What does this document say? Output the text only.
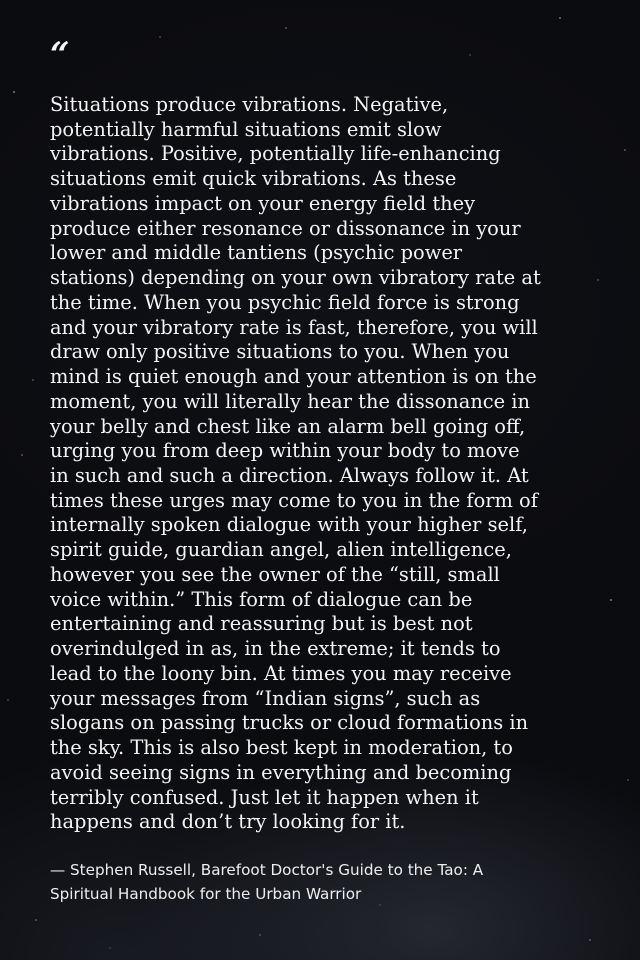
“

Situations produce vibrations. Negative,
potentially harmful situations emit slow
vibrations. Positive, potentially life-enhancing
situations emit quick vibrations. As these
vibrations impact on your energy field they
produce either resonance or dissonance in your
lower and middle tantiens (psychic power
stations) depending on your own vibratory rate at
the time. When you psychic field force is strong
and your vibratory rate is fast, therefore, you will
draw only positive situations to you. When you
mind is quiet enough and your attention is on the
moment, you will literally hear the dissonance in
your belly and chest like an alarm bell going off,
urging you from deep within your body to move
in such and such a direction. Always follow it. At
times these urges may come to you in the form of
internally spoken dialogue with your higher self,
spirit guide, guardian angel, alien intelligence,
however you see the owner of the “still, small
voice within.” This form of dialogue can be
entertaining and reassuring but is best not
overindulged in as, in the extreme; it tends to
lead to the loony bin. At times you may receive
your messages from “Indian signs”, such as
slogans on passing trucks or cloud formations in
the sky. This is also best kept in moderation, to
avoid seeing signs in everything and becoming
terribly confused. Just let it happen when it
happens and don’t try looking for it.

— Stephen Russell, Barefoot Doctor's Guide to the Tao: A
Spiritual Handbook for the Urban Warrior
